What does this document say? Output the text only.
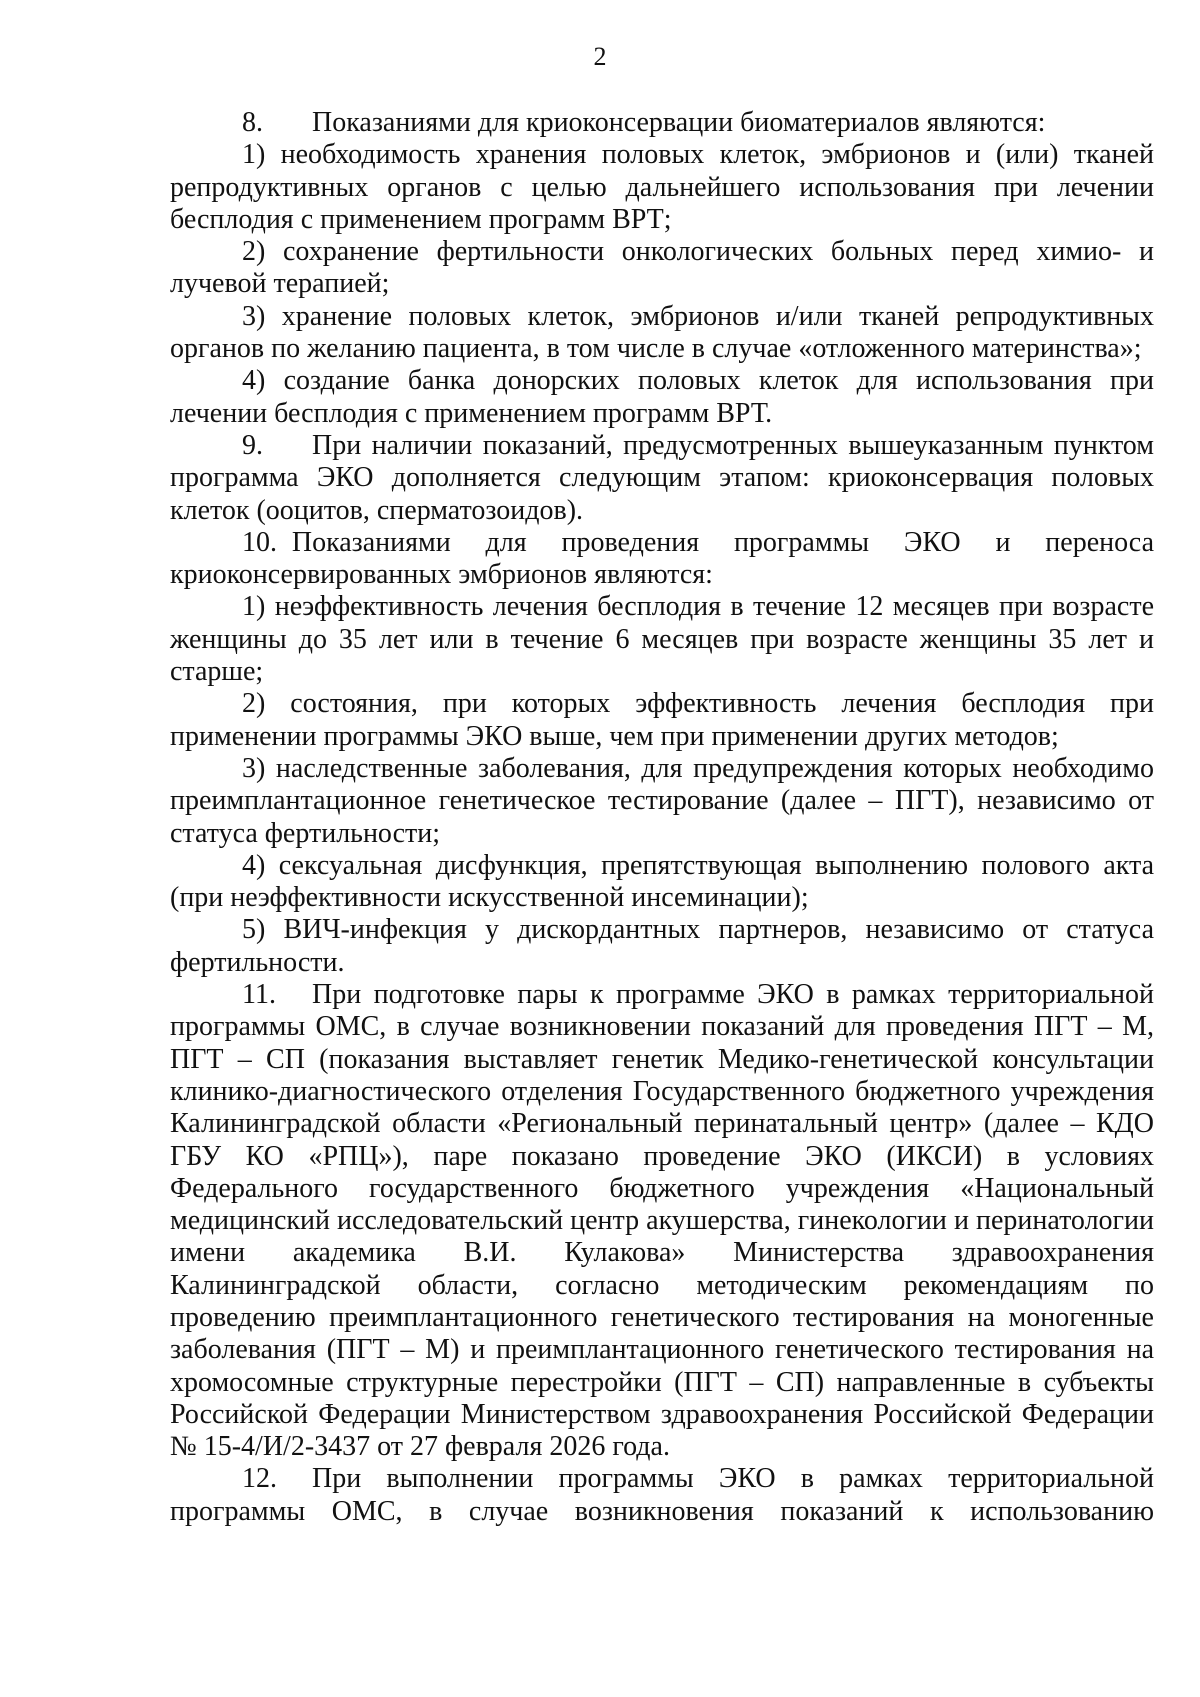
2

8. Показаниями для криоконсервации биоматериалов являются:

1) необходимость хранения половых клеток, эмбрионов и (или) тканей репродуктивных органов с целью дальнейшего использования при лечении бесплодия с применением программ ВРТ;

2) сохранение фертильности онкологических больных перед химио- и лучевой терапией;

3) хранение половых клеток, эмбрионов и/или тканей репродуктивных органов по желанию пациента, в том числе в случае «отложенного материнства»;

4) создание банка донорских половых клеток для использования при лечении бесплодия с применением программ ВРТ.

9. При наличии показаний, предусмотренных вышеуказанным пунктом программа ЭКО дополняется следующим этапом: криоконсервация половых клеток (ооцитов, сперматозоидов).

10. Показаниями для проведения программы ЭКО и переноса криоконсервированных эмбрионов являются:

1) неэффективность лечения бесплодия в течение 12 месяцев при возрасте женщины до 35 лет или в течение 6 месяцев при возрасте женщины 35 лет и старше;

2) состояния, при которых эффективность лечения бесплодия при применении программы ЭКО выше, чем при применении других методов;

3) наследственные заболевания, для предупреждения которых необходимо преимплантационное генетическое тестирование (далее – ПГТ), независимо от статуса фертильности;

4) сексуальная дисфункция, препятствующая выполнению полового акта (при неэффективности искусственной инсеминации);

5) ВИЧ-инфекция у дискордантных партнеров, независимо от статуса фертильности.

11. При подготовке пары к программе ЭКО в рамках территориальной программы ОМС, в случае возникновении показаний для проведения ПГТ – М, ПГТ – СП (показания выставляет генетик Медико-генетической консультации клинико-диагностического отделения Государственного бюджетного учреждения Калининградской области «Региональный перинатальный центр» (далее – КДО ГБУ КО «РПЦ»), паре показано проведение ЭКО (ИКСИ) в условиях Федерального государственного бюджетного учреждения «Национальный медицинский исследовательский центр акушерства, гинекологии и перинатологии имени академика В.И. Кулакова» Министерства здравоохранения Калининградской области, согласно методическим рекомендациям по проведению преимплантационного генетического тестирования на моногенные заболевания (ПГТ – М) и преимплантационного генетического тестирования на хромосомные структурные перестройки (ПГТ – СП) направленные в субъекты Российской Федерации Министерством здравоохранения Российской Федерации № 15-4/И/2-3437 от 27 февраля 2026 года.

12. При выполнении программы ЭКО в рамках территориальной программы ОМС, в случае возникновения показаний к использованию
